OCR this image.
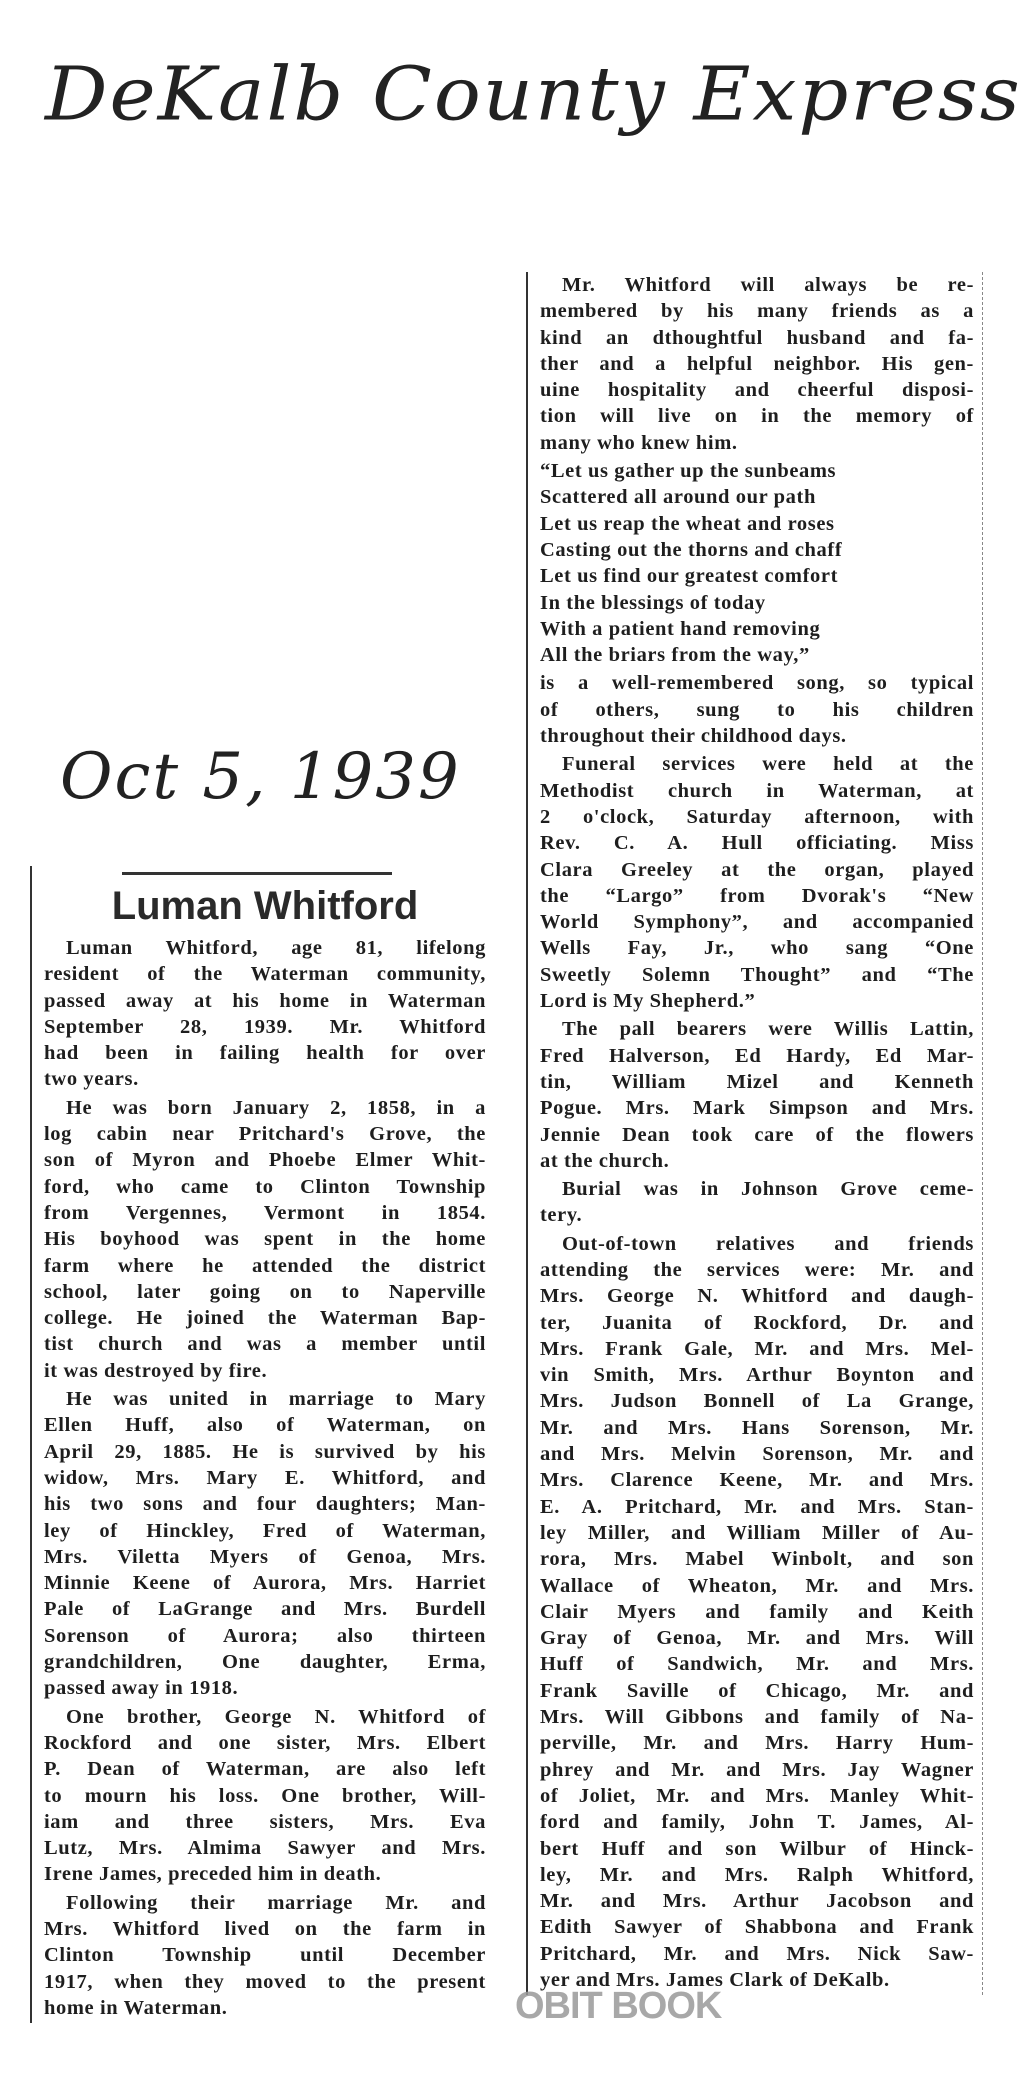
DeKalb County Express
Oct 5, 1939
Luman Whitford
Luman Whitford, age 81, lifelong
resident of the Waterman community,
passed away at his home in Waterman
September 28, 1939. Mr. Whitford
had been in failing health for over
two years.
He was born January 2, 1858, in a
log cabin near Pritchard's Grove, the
son of Myron and Phoebe Elmer Whit-
ford, who came to Clinton Township
from Vergennes, Vermont in 1854.
His boyhood was spent in the home
farm where he attended the district
school, later going on to Naperville
college. He joined the Waterman Bap-
tist church and was a member until
it was destroyed by fire.
He was united in marriage to Mary
Ellen Huff, also of Waterman, on
April 29, 1885. He is survived by his
widow, Mrs. Mary E. Whitford, and
his two sons and four daughters; Man-
ley of Hinckley, Fred of Waterman,
Mrs. Viletta Myers of Genoa, Mrs.
Minnie Keene of Aurora, Mrs. Harriet
Pale of LaGrange and Mrs. Burdell
Sorenson of Aurora; also thirteen
grandchildren, One daughter, Erma,
passed away in 1918.
One brother, George N. Whitford of
Rockford and one sister, Mrs. Elbert
P. Dean of Waterman, are also left
to mourn his loss. One brother, Will-
iam and three sisters, Mrs. Eva
Lutz, Mrs. Almima Sawyer and Mrs.
Irene James, preceded him in death.
Following their marriage Mr. and
Mrs. Whitford lived on the farm in
Clinton Township until December
1917, when they moved to the present
home in Waterman.
Mr. Whitford will always be re-
membered by his many friends as a
kind an dthoughtful husband and fa-
ther and a helpful neighbor. His gen-
uine hospitality and cheerful disposi-
tion will live on in the memory of
many who knew him.
“Let us gather up the sunbeams
Scattered all around our path
Let us reap the wheat and roses
Casting out the thorns and chaff
Let us find our greatest comfort
In the blessings of today
With a patient hand removing
All the briars from the way,”
is a well-remembered song, so typical
of others, sung to his children
throughout their childhood days.
Funeral services were held at the
Methodist church in Waterman, at
2 o'clock, Saturday afternoon, with
Rev. C. A. Hull officiating. Miss
Clara Greeley at the organ, played
the “Largo” from Dvorak's “New
World Symphony”, and accompanied
Wells Fay, Jr., who sang “One
Sweetly Solemn Thought” and “The
Lord is My Shepherd.”
The pall bearers were Willis Lattin,
Fred Halverson, Ed Hardy, Ed Mar-
tin, William Mizel and Kenneth
Pogue. Mrs. Mark Simpson and Mrs.
Jennie Dean took care of the flowers
at the church.
Burial was in Johnson Grove ceme-
tery.
Out-of-town relatives and friends
attending the services were: Mr. and
Mrs. George N. Whitford and daugh-
ter, Juanita of Rockford, Dr. and
Mrs. Frank Gale, Mr. and Mrs. Mel-
vin Smith, Mrs. Arthur Boynton and
Mrs. Judson Bonnell of La Grange,
Mr. and Mrs. Hans Sorenson, Mr.
and Mrs. Melvin Sorenson, Mr. and
Mrs. Clarence Keene, Mr. and Mrs.
E. A. Pritchard, Mr. and Mrs. Stan-
ley Miller, and William Miller of Au-
rora, Mrs. Mabel Winbolt, and son
Wallace of Wheaton, Mr. and Mrs.
Clair Myers and family and Keith
Gray of Genoa, Mr. and Mrs. Will
Huff of Sandwich, Mr. and Mrs.
Frank Saville of Chicago, Mr. and
Mrs. Will Gibbons and family of Na-
perville, Mr. and Mrs. Harry Hum-
phrey and Mr. and Mrs. Jay Wagner
of Joliet, Mr. and Mrs. Manley Whit-
ford and family, John T. James, Al-
bert Huff and son Wilbur of Hinck-
ley, Mr. and Mrs. Ralph Whitford,
Mr. and Mrs. Arthur Jacobson and
Edith Sawyer of Shabbona and Frank
Pritchard, Mr. and Mrs. Nick Saw-
yer and Mrs. James Clark of DeKalb.
OBIT BOOK
